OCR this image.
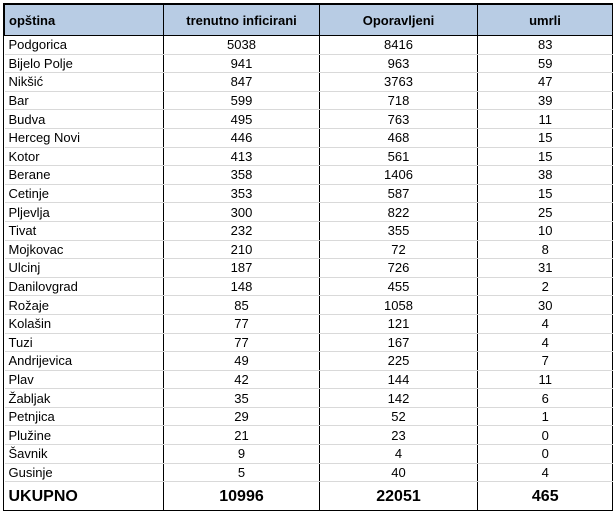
opština	trenutno inficirani	Oporavljeni	umrli
Podgorica	5038	8416	83
Bijelo Polje	941	963	59
Nikšić	847	3763	47
Bar	599	718	39
Budva	495	763	11
Herceg Novi	446	468	15
Kotor	413	561	15
Berane	358	1406	38
Cetinje	353	587	15
Pljevlja	300	822	25
Tivat	232	355	10
Mojkovac	210	72	8
Ulcinj	187	726	31
Danilovgrad	148	455	2
Rožaje	85	1058	30
Kolašin	77	121	4
Tuzi	77	167	4
Andrijevica	49	225	7
Plav	42	144	11
Žabljak	35	142	6
Petnjica	29	52	1
Plužine	21	23	0
Šavnik	9	4	0
Gusinje	5	40	4
UKUPNO	10996	22051	465
